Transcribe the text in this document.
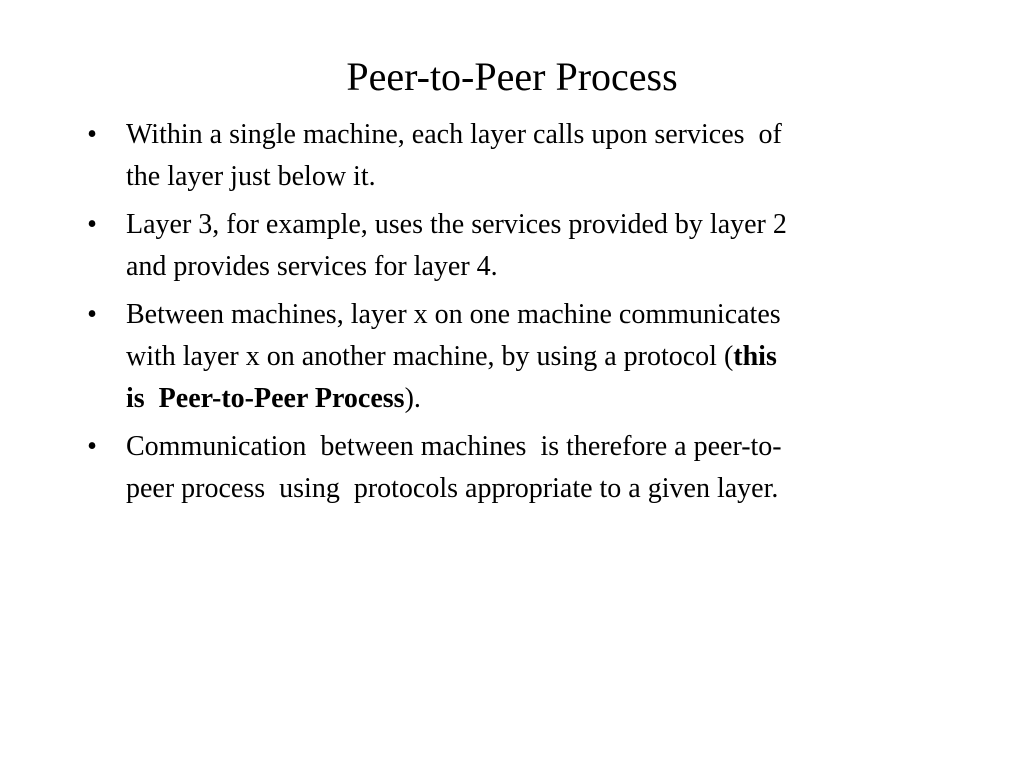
Peer-to-Peer Process
• Within a single machine, each layer calls upon services  of
the layer just below it.
• Layer 3, for example, uses the services provided by layer 2
and provides services for layer 4.
• Between machines, layer x on one machine communicates
with layer x on another machine, by using a protocol (this
is  Peer-to-Peer Process).
• Communication  between machines  is therefore a peer-to-
peer process  using  protocols appropriate to a given layer.
